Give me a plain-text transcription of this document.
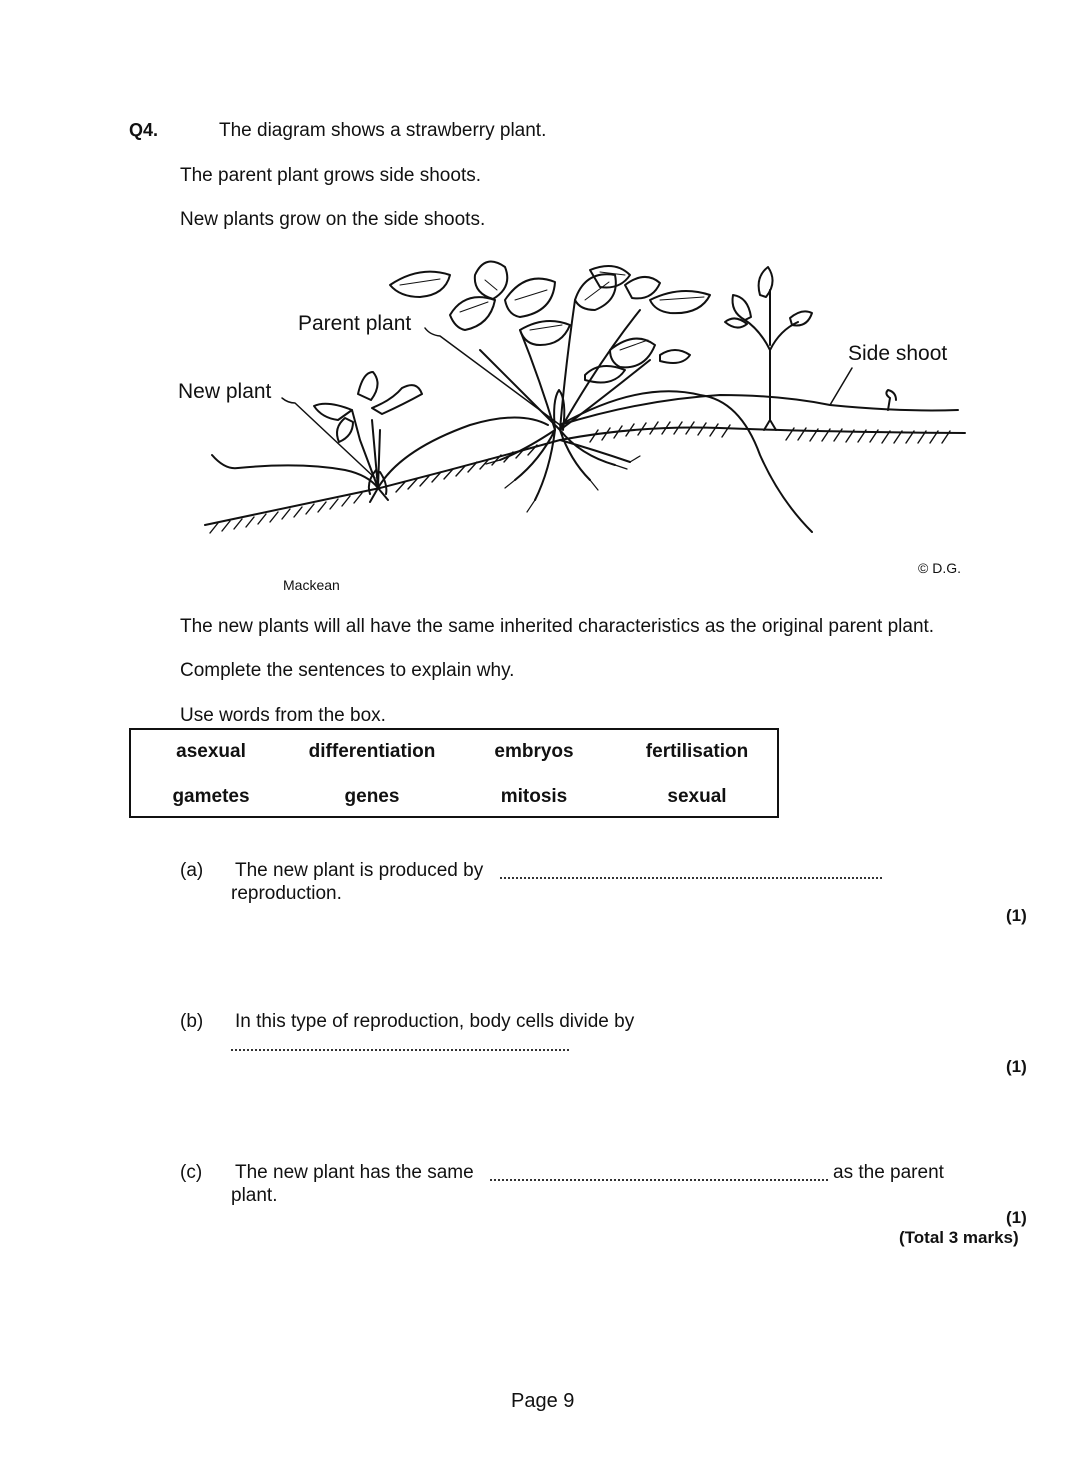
Q4.	The diagram shows a strawberry plant.
The parent plant grows side shoots.
New plants grow on the side shoots.
Parent plant
New plant
Side shoot
© D.G.
Mackean
The new plants will all have the same inherited characteristics as the original parent plant.
Complete the sentences to explain why.
Use words from the box.
asexual	differentiation	embryos	fertilisation
gametes	genes	mitosis	sexual
(a) The new plant is produced by
reproduction.
(1)
(b) In this type of reproduction, body cells divide by
(1)
(c) The new plant has the same	as the parent
plant.
(1)
(Total 3 marks)
Page 9
